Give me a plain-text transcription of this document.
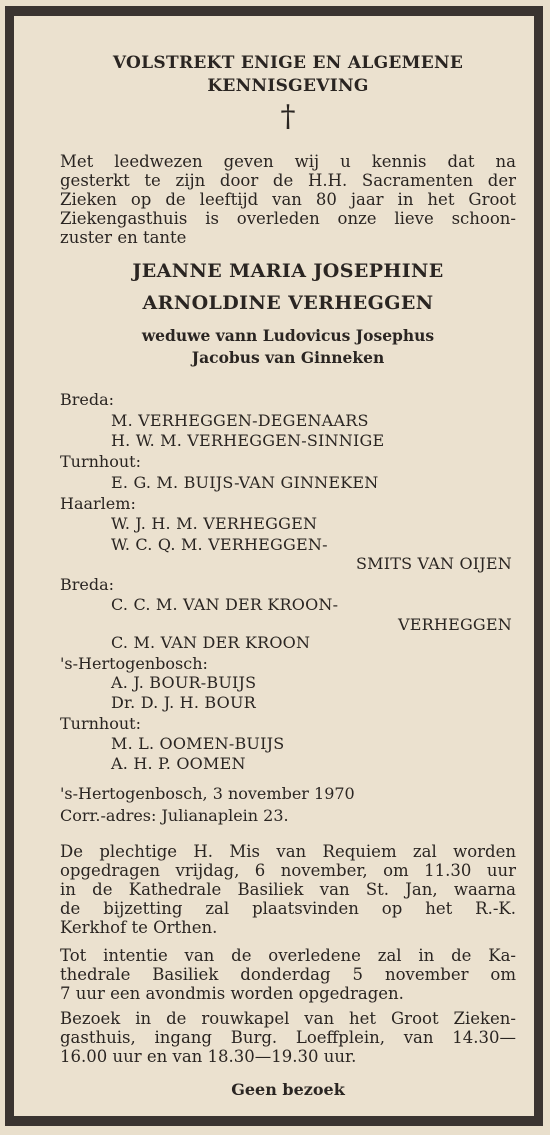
VOLSTREKT ENIGE EN ALGEMENE
KENNISGEVING
†
Met leedwezen geven wij u kennis dat na
gesterkt te zijn door de H.H. Sacramenten der
Zieken op de leeftijd van 80 jaar in het Groot
Ziekengasthuis is overleden onze lieve schoon-
zuster en tante
JEANNE MARIA JOSEPHINE
ARNOLDINE VERHEGGEN
weduwe vann Ludovicus Josephus
Jacobus van Ginneken
Breda:
M. VERHEGGEN-DEGENAARS
H. W. M. VERHEGGEN-SINNIGE
Turnhout:
E. G. M. BUIJS-VAN GINNEKEN
Haarlem:
W. J. H. M. VERHEGGEN
W. C. Q. M. VERHEGGEN-
SMITS VAN OIJEN
Breda:
C. C. M. VAN DER KROON-
VERHEGGEN
C. M. VAN DER KROON
's-Hertogenbosch:
A. J. BOUR-BUIJS
Dr. D. J. H. BOUR
Turnhout:
M. L. OOMEN-BUIJS
A. H. P. OOMEN
's-Hertogenbosch, 3 november 1970
Corr.-adres: Julianaplein 23.
De plechtige H. Mis van Requiem zal worden
opgedragen vrijdag, 6 november, om 11.30 uur
in de Kathedrale Basiliek van St. Jan, waarna
de bijzetting zal plaatsvinden op het R.-K.
Kerkhof te Orthen.
Tot intentie van de overledene zal in de Ka-
thedrale Basiliek donderdag 5 november om
7 uur een avondmis worden opgedragen.
Bezoek in de rouwkapel van het Groot Zieken-
gasthuis, ingang Burg. Loeffplein, van 14.30—
16.00 uur en van 18.30—19.30 uur.
Geen bezoek
